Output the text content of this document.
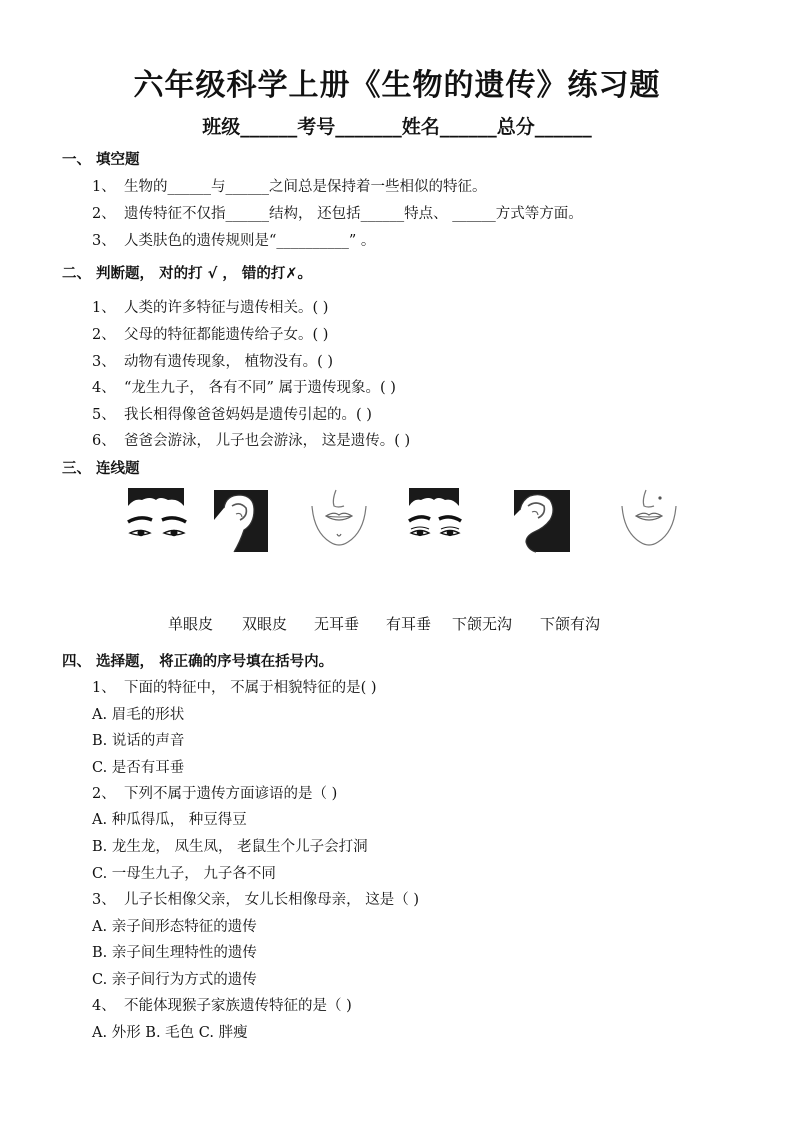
六年级科学上册《生物的遗传》练习题
班级______考号_______姓名______总分______
一、 填空题
1、 生物的______与______之间总是保持着一些相似的特征。
2、 遗传特征不仅指______结构， 还包括______特点、 ______方式等方面。
3、 人类肤色的遗传规则是“__________” 。
二、 判断题， 对的打 √ ， 错的打✗。
1、 人类的许多特征与遗传相关。( )
2、 父母的特征都能遗传给子女。( )
3、 动物有遗传现象， 植物没有。( )
4、 “龙生九子， 各有不同” 属于遗传现象。( )
5、 我长相得像爸爸妈妈是遗传引起的。( )
6、 爸爸会游泳， 儿子也会游泳， 这是遗传。( )
三、 连线题
单眼皮 双眼皮 无耳垂 有耳垂 下颌无沟 下颌有沟
四、 选择题， 将正确的序号填在括号内。
1、 下面的特征中， 不属于相貌特征的是( )
A. 眉毛的形状
B. 说话的声音
C. 是否有耳垂
2、 下列不属于遗传方面谚语的是（ )
A. 种瓜得瓜， 种豆得豆
B. 龙生龙， 凤生凤， 老鼠生个儿子会打洞
C. 一母生九子， 九子各不同
3、 儿子长相像父亲， 女儿长相像母亲， 这是（ )
A. 亲子间形态特征的遗传
B. 亲子间生理特性的遗传
C. 亲子间行为方式的遗传
4、 不能体现猴子家族遗传特征的是（ )
A. 外形 B. 毛色 C. 胖瘦
